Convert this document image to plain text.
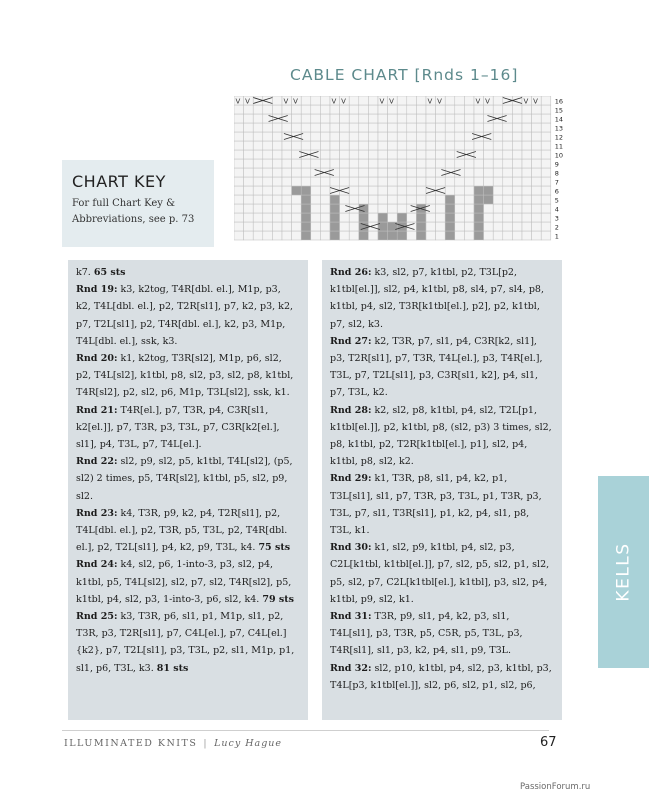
CABLE CHART [Rnds 1–16]
V V	V V	V V	V V	V V	V V	V V	16
15
14
13
12
11
10
9
8
7
6
5
4
3
2
1
CHART KEY
For full Chart Key & Abbreviations, see p. 73

k7. 65 sts

Rnd 19: k3, k2tog, T4R[dbl. el.], M1p, p3, k2, T4L[dbl. el.], p2, T2R[sl1], p7, k2, p3, k2, p7, T2L[sl1], p2, T4R[dbl. el.], k2, p3, M1p, T4L[dbl. el.], ssk, k3.

Rnd 20: k1, k2tog, T3R[sl2], M1p, p6, sl2, p2, T4L[sl2], k1tbl, p8, sl2, p3, sl2, p8, k1tbl, T4R[sl2], p2, sl2, p6, M1p, T3L[sl2], ssk, k1.

Rnd 21: T4R[el.], p7, T3R, p4, C3R[sl1, k2[el.]], p7, T3R, p3, T3L, p7, C3R[k2[el.], sl1], p4, T3L, p7, T4L[el.].

Rnd 22: sl2, p9, sl2, p5, k1tbl, T4L[sl2], (p5, sl2) 2 times, p5, T4R[sl2], k1tbl, p5, sl2, p9, sl2.

Rnd 23: k4, T3R, p9, k2, p4, T2R[sl1], p2, T4L[dbl. el.], p2, T3R, p5, T3L, p2, T4R[dbl. el.], p2, T2L[sl1], p4, k2, p9, T3L, k4. 75 sts

Rnd 24: k4, sl2, p6, 1-into-3, p3, sl2, p4, k1tbl, p5, T4L[sl2], sl2, p7, sl2, T4R[sl2], p5, k1tbl, p4, sl2, p3, 1-into-3, p6, sl2, k4. 79 sts

Rnd 25: k3, T3R, p6, sl1, p1, M1p, sl1, p2, T3R, p3, T2R[sl1], p7, C4L[el.], p7, C4L[el.] {k2}, p7, T2L[sl1], p3, T3L, p2, sl1, M1p, p1, sl1, p6, T3L, k3. 81 sts

Rnd 26: k3, sl2, p7, k1tbl, p2, T3L[p2, k1tbl[el.]], sl2, p4, k1tbl, p8, sl4, p7, sl4, p8, k1tbl, p4, sl2, T3R[k1tbl[el.], p2], p2, k1tbl, p7, sl2, k3.

Rnd 27: k2, T3R, p7, sl1, p4, C3R[k2, sl1], p3, T2R[sl1], p7, T3R, T4L[el.], p3, T4R[el.], T3L, p7, T2L[sl1], p3, C3R[sl1, k2], p4, sl1, p7, T3L, k2.

Rnd 28: k2, sl2, p8, k1tbl, p4, sl2, T2L[p1, k1tbl[el.]], p2, k1tbl, p8, (sl2, p3) 3 times, sl2, p8, k1tbl, p2, T2R[k1tbl[el.], p1], sl2, p4, k1tbl, p8, sl2, k2.

Rnd 29: k1, T3R, p8, sl1, p4, k2, p1, T3L[sl1], sl1, p7, T3R, p3, T3L, p1, T3R, p3, T3L, p7, sl1, T3R[sl1], p1, k2, p4, sl1, p8, T3L, k1.

Rnd 30: k1, sl2, p9, k1tbl, p4, sl2, p3, C2L[k1tbl, k1tbl[el.]], p7, sl2, p5, sl2, p1, sl2, p5, sl2, p7, C2L[k1tbl[el.], k1tbl], p3, sl2, p4, k1tbl, p9, sl2, k1.

Rnd 31: T3R, p9, sl1, p4, k2, p3, sl1, T4L[sl1], p3, T3R, p5, C5R, p5, T3L, p3, T4R[sl1], sl1, p3, k2, p4, sl1, p9, T3L.

Rnd 32: sl2, p10, k1tbl, p4, sl2, p3, k1tbl, p3, T4L[p3, k1tbl[el.]], sl2, p6, sl2, p1, sl2, p6,

KELLS
ILLUMINATED KNITS | Lucy Hague	67
PassionForum.ru
